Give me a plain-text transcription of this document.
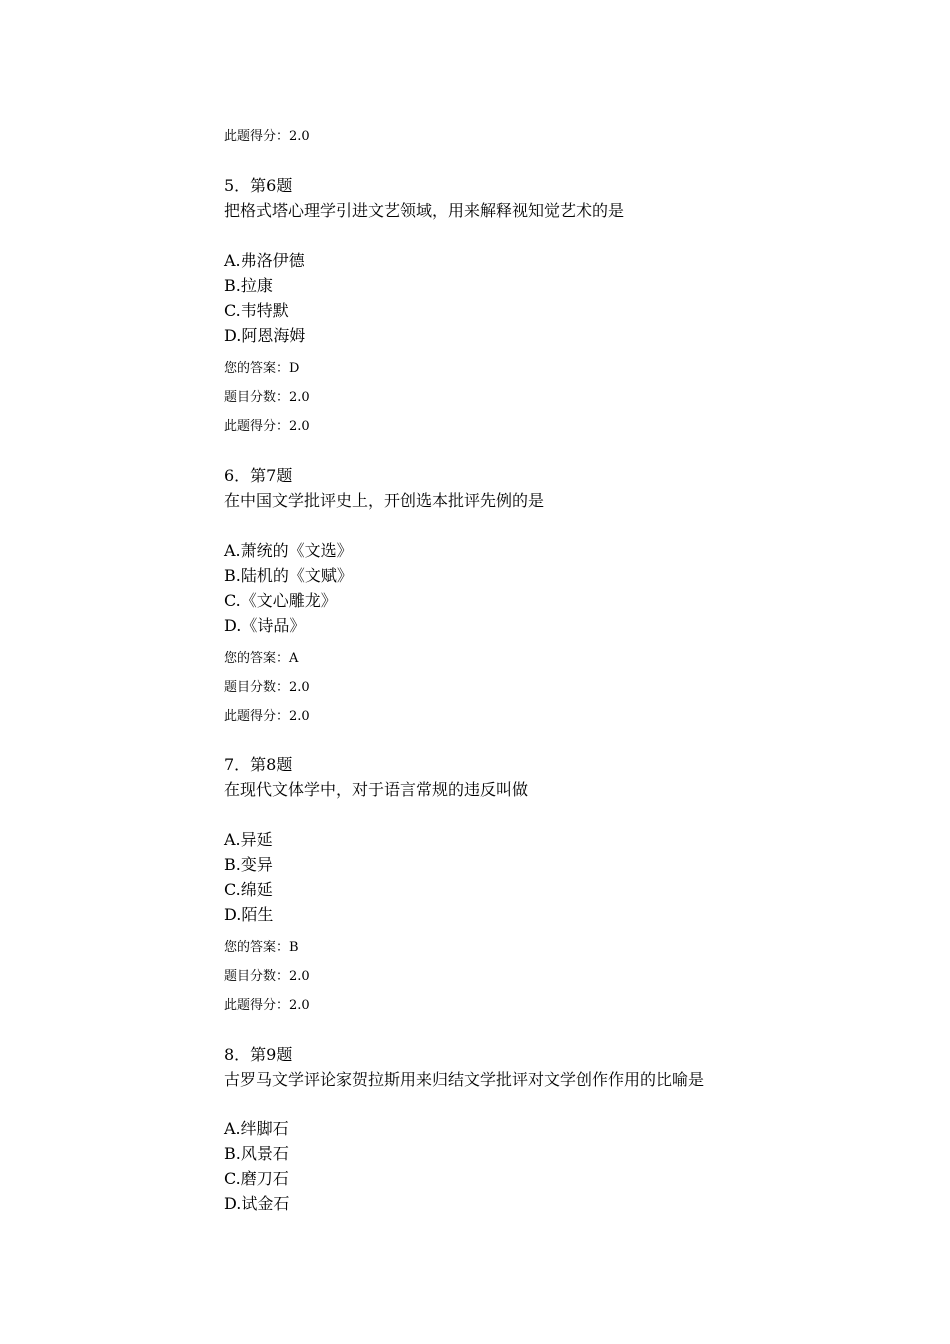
此题得分：2.0
5．第6题
把格式塔心理学引进文艺领域，用来解释视知觉艺术的是
A.弗洛伊德
B.拉康
C.韦特默
D.阿恩海姆
您的答案：D
题目分数：2.0
此题得分：2.0
6．第7题
在中国文学批评史上，开创选本批评先例的是
A.萧统的《文选》
B.陆机的《文赋》
C.《文心雕龙》
D.《诗品》
您的答案：A
题目分数：2.0
此题得分：2.0
7．第8题
在现代文体学中，对于语言常规的违反叫做
A.异延
B.变异
C.绵延
D.陌生
您的答案：B
题目分数：2.0
此题得分：2.0
8．第9题
古罗马文学评论家贺拉斯用来归结文学批评对文学创作作用的比喻是
A.绊脚石
B.风景石
C.磨刀石
D.试金石
